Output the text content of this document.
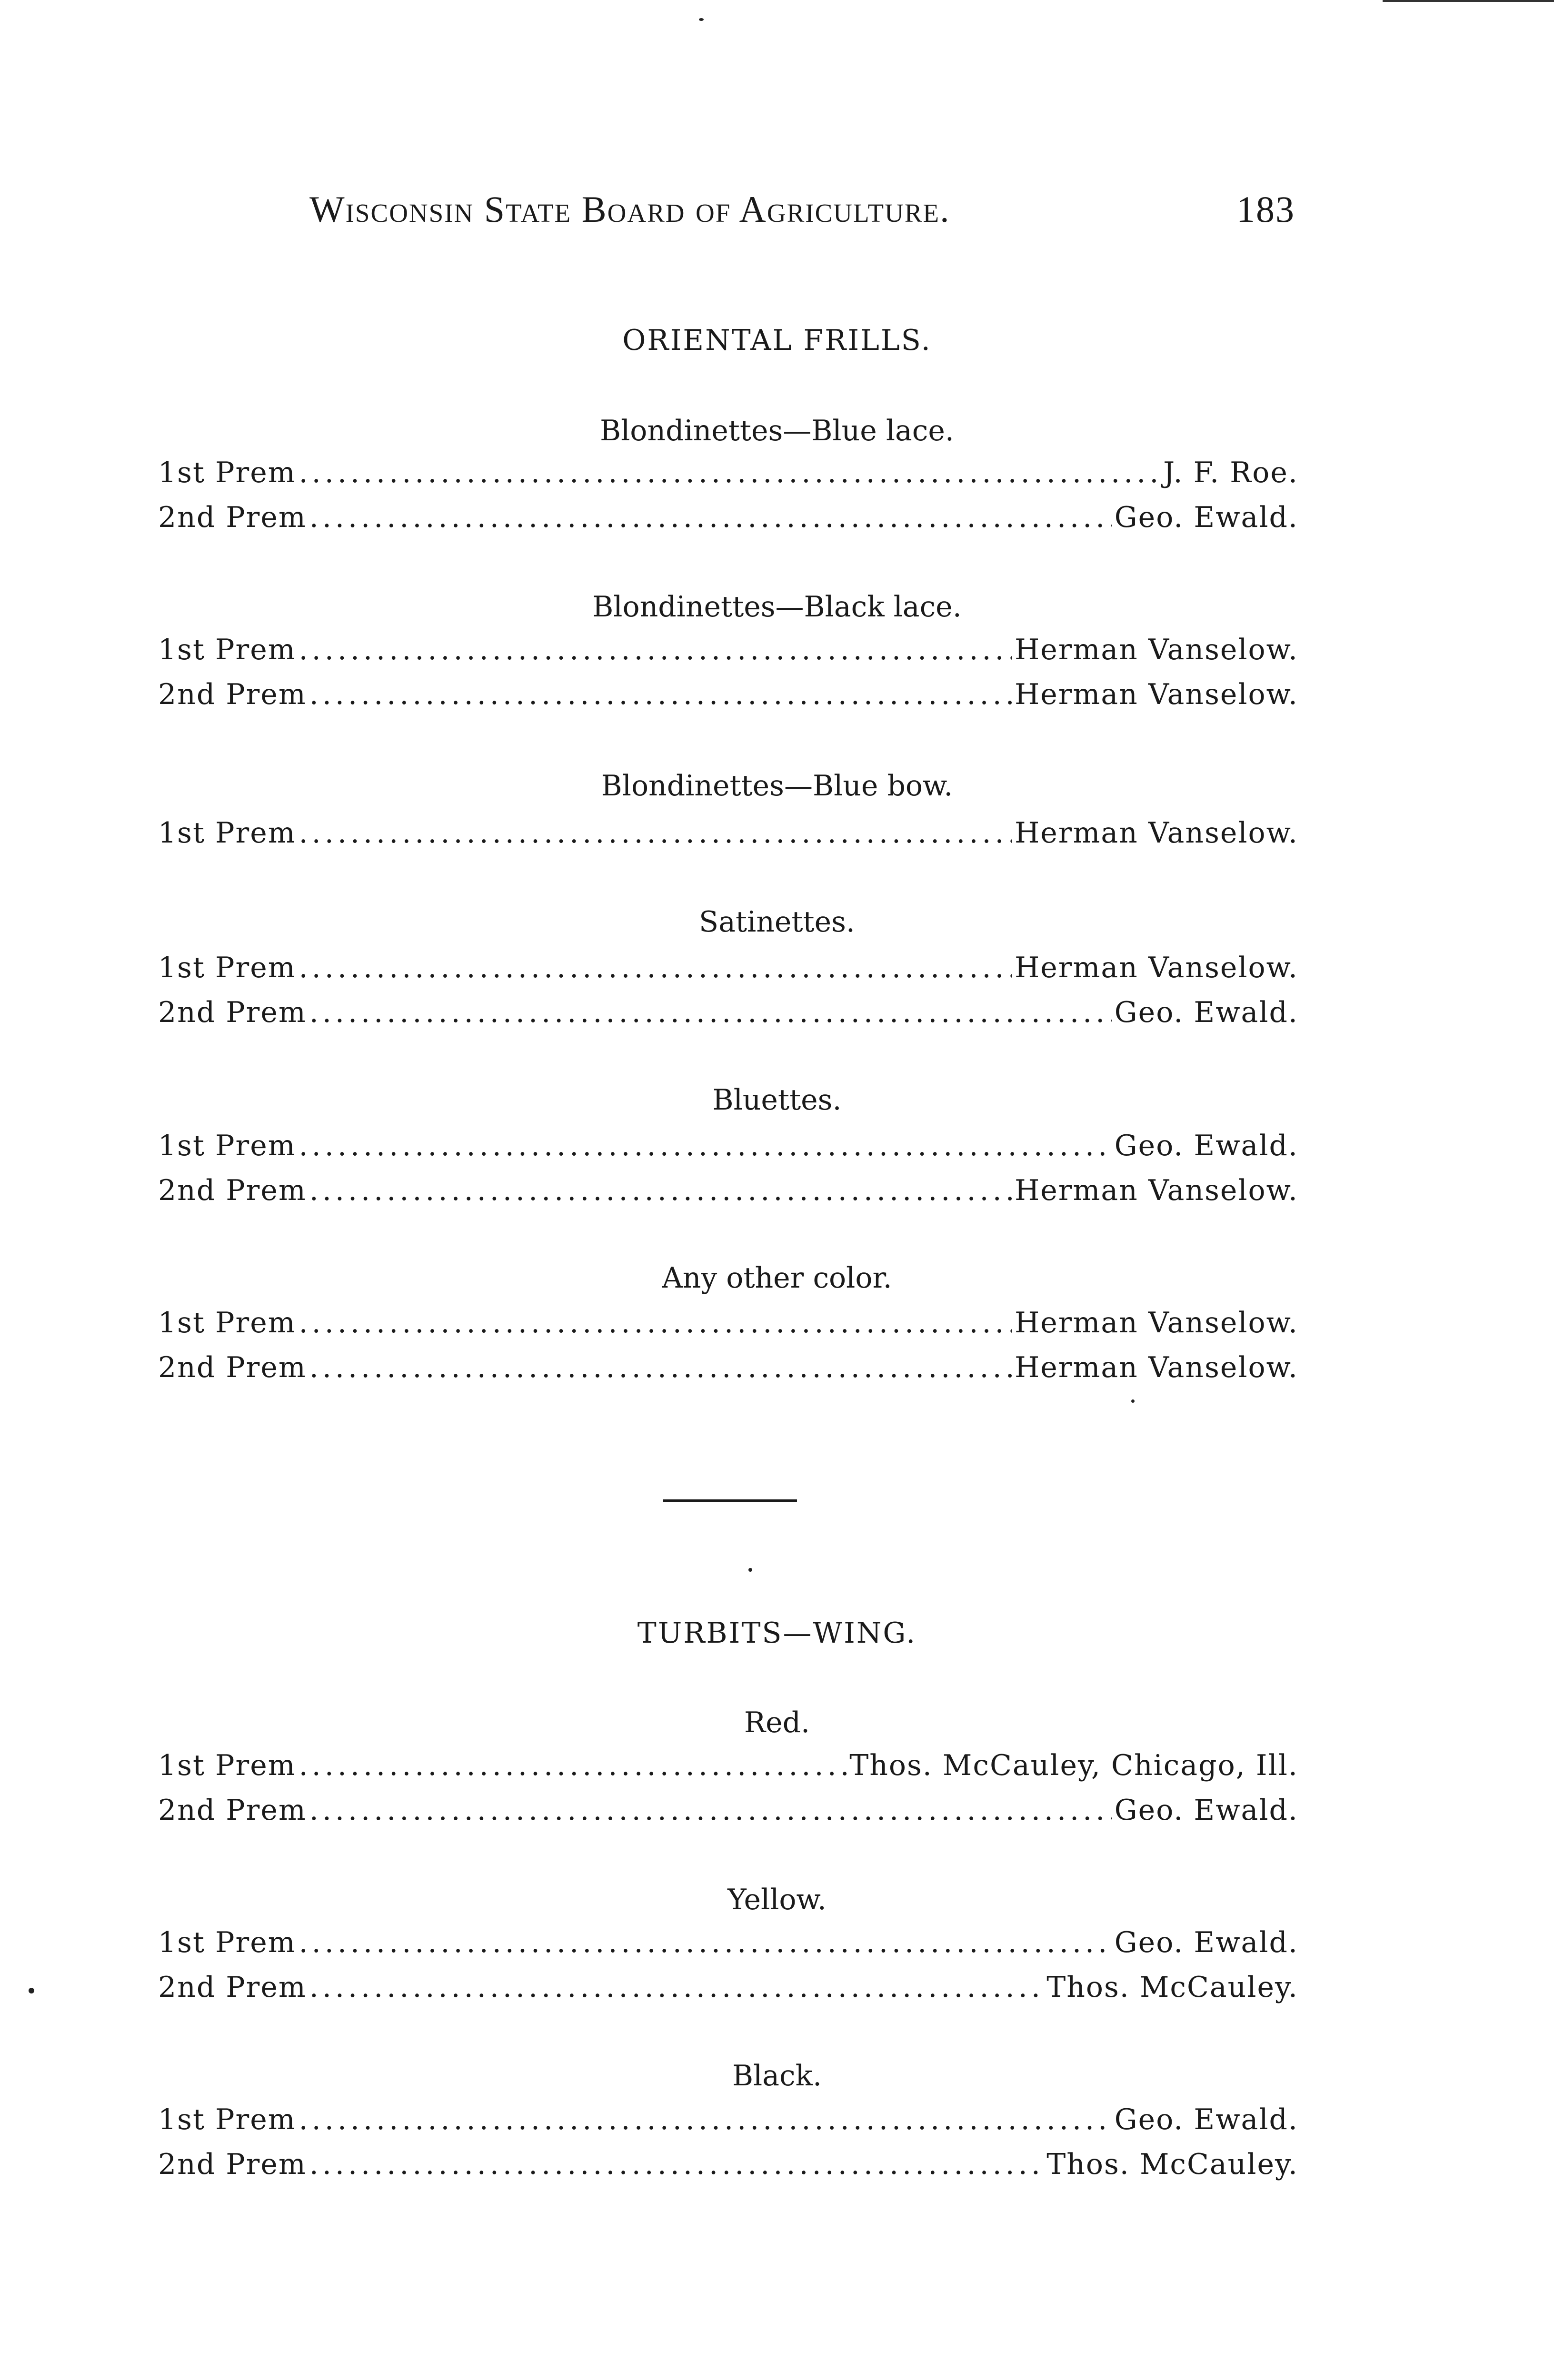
Wisconsin State Board of Agriculture.	183
ORIENTAL FRILLS.
Blondinettes—Blue lace.
1st Prem .....	J. F. Roe.
2nd Prem .....	Geo. Ewald.
Blondinettes—Black lace.
1st Prem .....	Herman Vanselow.
2nd Prem .....	Herman Vanselow.
Blondinettes—Blue bow.
1st Prem .....	Herman Vanselow.
Satinettes.
1st Prem .....	Herman Vanselow.
2nd Prem .....	Geo. Ewald.
Bluettes.
1st Prem .....	Geo. Ewald.
2nd Prem .....	Herman Vanselow.
Any other color.
1st Prem .....	Herman Vanselow.
2nd Prem .....	Herman Vanselow.
TURBITS—WING.
Red.
1st Prem .....	Thos. McCauley, Chicago, Ill.
2nd Prem .....	Geo. Ewald.
Yellow.
1st Prem .....	Geo. Ewald.
2nd Prem .....	Thos. McCauley.
Black.
1st Prem .....	Geo. Ewald.
2nd Prem .....	Thos. McCauley.
